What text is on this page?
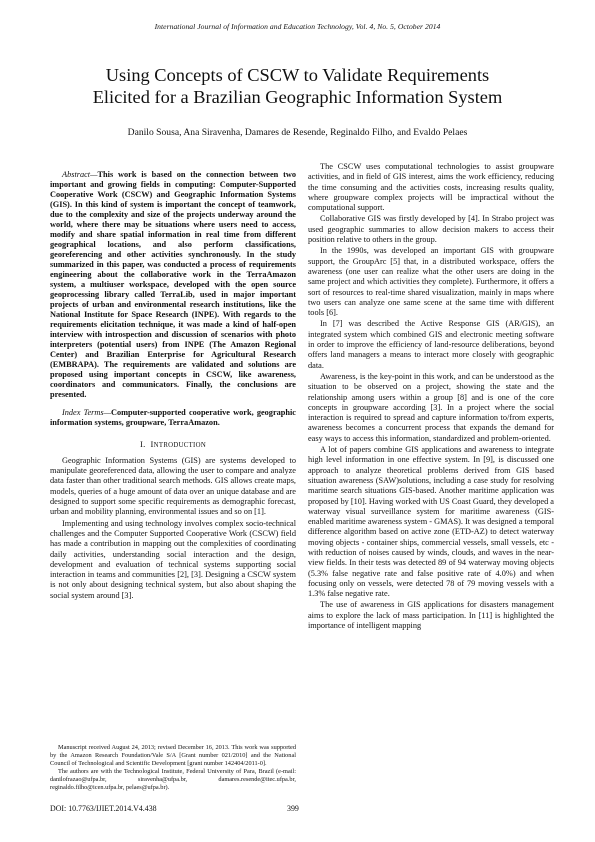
International Journal of Information and Education Technology, Vol. 4, No. 5, October 2014
Using Concepts of CSCW to Validate Requirements
Elicited for a Brazilian Geographic Information System
Danilo Sousa, Ana Siravenha, Damares de Resende, Reginaldo Filho, and Evaldo Pelaes

Abstract—This work is based on the connection between two important and growing fields in computing: Computer-Supported Cooperative Work (CSCW) and Geographic Information Systems (GIS). In this kind of system is important the concept of teamwork, due to the complexity and size of the projects underway around the world, where there may be situations where users need to access, modify and share spatial information in real time from different geographical locations, and also perform classifications, georeferencing and other activities synchronously. In the study summarized in this paper, was conducted a process of requirements engineering about the collaborative work in the TerraAmazon system, a multiuser workspace, developed with the open source geoprocessing library called TerraLib, used in major important projects of urban and environmental research institutions, like the National Institute for Space Research (INPE). With regards to the requirements elicitation technique, it was made a kind of half-open interview with introspection and discussion of scenarios with photo interpreters (potential users) from INPE (The Amazon Regional Center) and Brazilian Enterprise for Agricultural Research (EMBRAPA). The requirements are validated and solutions are proposed using important concepts in CSCW, like awareness, coordinators and communicators. Finally, the conclusions are presented.

Index Terms—Computer-supported cooperative work, geographic information systems, groupware, TerraAmazon.

I. INTRODUCTION

Geographic Information Systems (GIS) are systems developed to manipulate georeferenced data, allowing the user to compare and analyze data faster than other traditional search methods. GIS allows create maps, models, queries of a huge amount of data over an unique database and are designed to support some specific requirements as demographic forecast, urban and mobility planning, environmental issues and so on [1].

Implementing and using technology involves complex socio-technical challenges and the Computer Supported Cooperative Work (CSCW) field has made a contribution in mapping out the complexities of coordinating daily activities, understanding social interaction and the design, development and evaluation of technical systems supporting social interaction in teams and communities [2], [3]. Designing a CSCW system is not only about designing technical system, but also about shaping the social system around [3].

Manuscript received August 24, 2013; revised December 16, 2013. This work was supported by the Amazon Research Foundation/Vale S/A [Grant number 021/2010] and the National Council of Technological and Scientific Development [grant number 142404/2011-0].

The authors are with the Technological Institute, Federal University of Para, Brazil (e-mail: danilofrazao@ufpa.br, siravenha@ufpa.br, damares.resende@itec.ufpa.br, reginaldo.filho@icen.ufpa.br, pelaes@ufpa.br).

The CSCW uses computational technologies to assist groupware activities, and in field of GIS interest, aims the work efficiency, reducing the time consuming and the activities costs, increasing results quality, where groupware complex projects will be impractical without the computational support.

Collaborative GIS was firstly developed by [4]. In Strabo project was used geographic summaries to allow decision makers to access their position relative to others in the group.

In the 1990s, was developed an important GIS with groupware support, the GroupArc [5] that, in a distributed workspace, offers the awareness (one user can realize what the other users are doing in the same project and which activities they complete). Furthermore, it offers a sort of resources to real-time shared visualization, mainly in maps where two users can analyze one same scene at the same time with different tools [6].

In [7] was described the Active Response GIS (AR/GIS), an integrated system which combined GIS and electronic meeting software in order to improve the efficiency of land-resource deliberations, beyond offers land managers a means to interact more closely with geographic data.

Awareness, is the key-point in this work, and can be understood as the situation to be observed on a project, showing the state and the relationship among users within a group [8] and is one of the core concepts in groupware according [3]. In a project where the social interaction is required to spread and capture information to/from experts, awareness becomes a concurrent process that expands the demand for easy ways to access this information, standardized and problem-oriented.

A lot of papers combine GIS applications and awareness to integrate high level information in one effective system. In [9], is discussed one approach to analyze theoretical problems derived from GIS based situation awareness (SAW)solutions, including a case study for resolving maritime search situations GIS-based. Another maritime application was proposed by [10]. Having worked with US Coast Guard, they developed a waterway visual surveillance system for maritime awareness (GIS-enabled maritime awareness system - GMAS). It was designed a temporal difference algorithm based on active zone (ETD-AZ) to detect waterway moving objects - container ships, commercial vessels, small vessels, etc - with reduction of noises caused by winds, clouds, and waves in the near-view fields. In their tests was detected 89 of 94 waterway moving objects (5.3% false negative rate and false positive rate of 4.0%) and when focusing only on vessels, were detected 78 of 79 moving vessels with a 1.3% false negative rate.

The use of awareness in GIS applications for disasters management aims to explore the lack of mass participation. In [11] is highlighted the importance of intelligent mapping

DOI: 10.7763/IJIET.2014.V4.438	399
